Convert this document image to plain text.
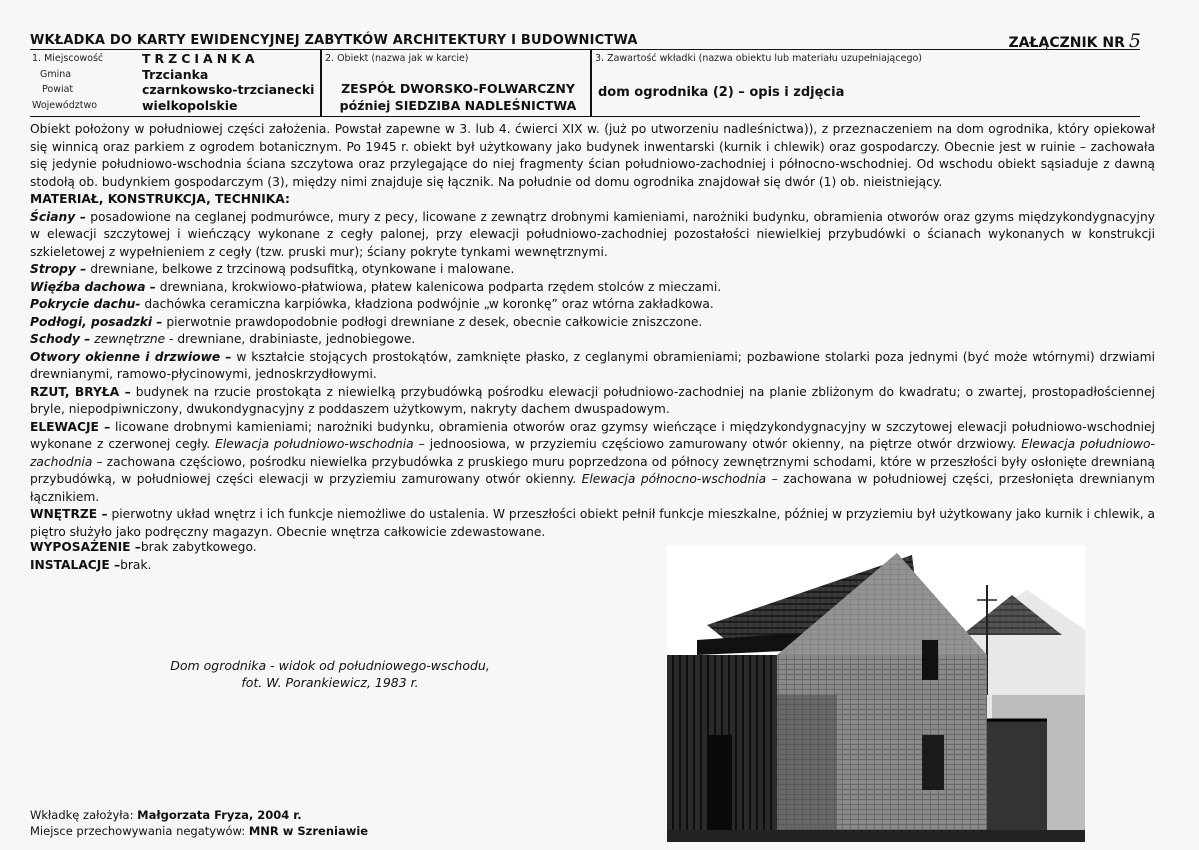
WKŁADKA DO KARTY EWIDENCYJNEJ ZABYTKÓW ARCHITEKTURY I BUDOWNICTWA	ZAŁĄCZNIK NR 5
1. Miejscowość	TRZCIANKA
Gmina	Trzcianka
Powiat	czarnkowsko-trzcianecki
Województwo	wielkopolskie
2. Obiekt (nazwa jak w karcie)
ZESPÓŁ DWORSKO-FOLWARCZNY
później SIEDZIBA NADLEŚNICTWA
3. Zawartość wkładki (nazwa obiektu lub materiału uzupełniającego)
dom ogrodnika (2) – opis i zdjęcia

Obiekt położony w południowej części założenia. Powstał zapewne w 3. lub 4. ćwierci XIX w. (już po utworzeniu nadleśnictwa)), z przeznaczeniem na dom ogrodnika, który opiekował się winnicą oraz parkiem z ogrodem botanicznym. Po 1945 r. obiekt był użytkowany jako budynek inwentarski (kurnik i chlewik) oraz gospodarczy. Obecnie jest w ruinie – zachowała się jedynie południowo-wschodnia ściana szczytowa oraz przylegające do niej fragmenty ścian południowo-zachodniej i północno-wschodniej. Od wschodu obiekt sąsiaduje z dawną stodołą ob. budynkiem gospodarczym (3), między nimi znajduje się łącznik. Na południe od domu ogrodnika znajdował się dwór (1) ob. nieistniejący.

MATERIAŁ, KONSTRUKCJA, TECHNIKA:

Ściany – posadowione na ceglanej podmurówce, mury z pecy, licowane z zewnątrz drobnymi kamieniami, narożniki budynku, obramienia otworów oraz gzyms międzykondygnacyjny w elewacji szczytowej i wieńczący wykonane z cegły palonej, przy elewacji południowo-zachodniej pozostałości niewielkiej przybudówki o ścianach wykonanych w konstrukcji szkieletowej z wypełnieniem z cegły (tzw. pruski mur); ściany pokryte tynkami wewnętrznymi.

Stropy – drewniane, belkowe z trzcinową podsufitką, otynkowane i malowane.

Więźba dachowa – drewniana, krokwiowo-płatwiowa, płatew kalenicowa podparta rzędem stolców z mieczami.

Pokrycie dachu- dachówka ceramiczna karpiówka, kładziona podwójnie „w koronkę” oraz wtórna zakładkowa.

Podłogi, posadzki – pierwotnie prawdopodobnie podłogi drewniane z desek, obecnie całkowicie zniszczone.

Schody – zewnętrzne - drewniane, drabiniaste, jednobiegowe.

Otwory okienne i drzwiowe – w kształcie stojących prostokątów, zamknięte płasko, z ceglanymi obramieniami; pozbawione stolarki poza jednymi (być może wtórnymi) drzwiami drewnianymi, ramowo-płycinowymi, jednoskrzydłowymi.

RZUT, BRYŁA – budynek na rzucie prostokąta z niewielką przybudówką pośrodku elewacji południowo-zachodniej na planie zbliżonym do kwadratu; o zwartej, prostopadłościennej bryle, niepodpiwniczony, dwukondygnacyjny z poddaszem użytkowym, nakryty dachem dwuspadowym.

ELEWACJE – licowane drobnymi kamieniami; narożniki budynku, obramienia otworów oraz gzymsy wieńczące i międzykondygnacyjny w szczytowej elewacji południowo-wschodniej wykonane z czerwonej cegły. Elewacja południowo-wschodnia – jednoosiowa, w przyziemiu częściowo zamurowany otwór okienny, na piętrze otwór drzwiowy. Elewacja południowo-zachodnia – zachowana częściowo, pośrodku niewielka przybudówka z pruskiego muru poprzedzona od północy zewnętrznymi schodami, które w przeszłości były osłonięte drewnianą przybudówką, w południowej części elewacji w przyziemiu zamurowany otwór okienny. Elewacja północno-wschodnia – zachowana w południowej części, przesłonięta drewnianym łącznikiem.

WNĘTRZE – pierwotny układ wnętrz i ich funkcje niemożliwe do ustalenia. W przeszłości obiekt pełnił funkcje mieszkalne, później w przyziemiu był użytkowany jako kurnik i chlewik, a piętro służyło jako podręczny magazyn. Obecnie wnętrza całkowicie zdewastowane.

WYPOSAŻENIE –brak zabytkowego.
INSTALACJE –brak.
Dom ogrodnika - widok od południowego-wschodu,
fot. W. Porankiewicz, 1983 r.
Wkładkę założyła: Małgorzata Fryza, 2004 r.
Miejsce przechowywania negatywów: MNR w Szreniawie
